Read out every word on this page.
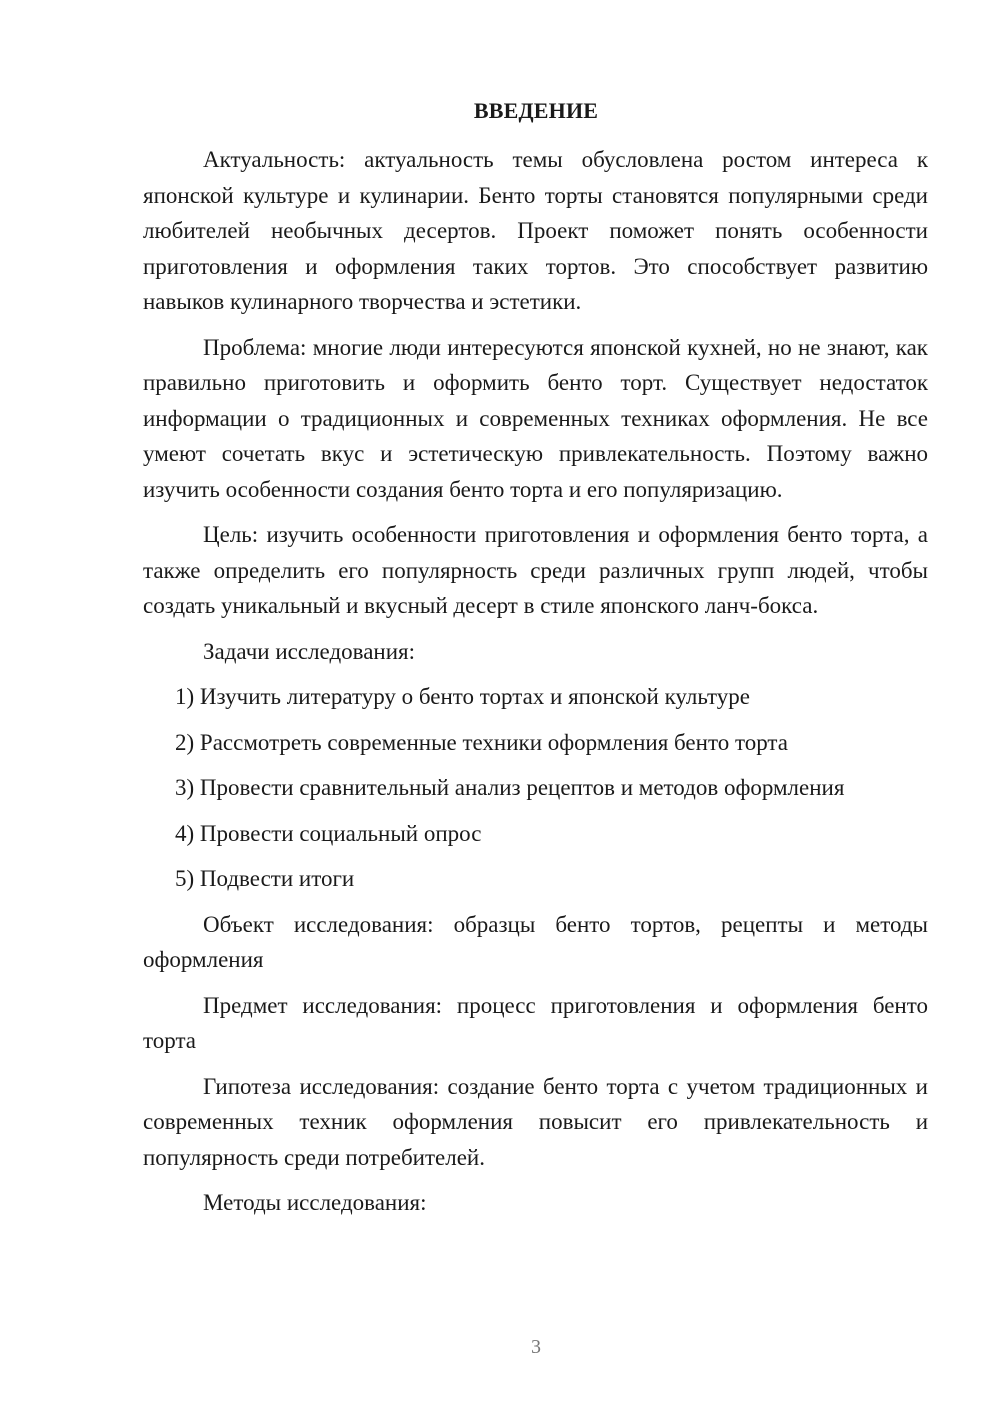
ВВЕДЕНИЕ

Актуальность: актуальность темы обусловлена ростом интереса к японской культуре и кулинарии. Бенто торты становятся популярными среди любителей необычных десертов. Проект поможет понять особенности приготовления и оформления таких тортов. Это способствует развитию навыков кулинарного творчества и эстетики.

Проблема: многие люди интересуются японской кухней, но не знают, как правильно приготовить и оформить бенто торт. Существует недостаток информации о традиционных и современных техниках оформления. Не все умеют сочетать вкус и эстетическую привлекательность. Поэтому важно изучить особенности создания бенто торта и его популяризацию.

Цель: изучить особенности приготовления и оформления бенто торта, а также определить его популярность среди различных групп людей, чтобы создать уникальный и вкусный десерт в стиле японского ланч-бокса.

Задачи исследования:

1) Изучить литературу о бенто тортах и японской культуре

2) Рассмотреть современные техники оформления бенто торта

3) Провести сравнительный анализ рецептов и методов оформления

4) Провести социальный опрос

5) Подвести итоги

Объект исследования: образцы бенто тортов, рецепты и методы оформления

Предмет исследования: процесс приготовления и оформления бенто торта

Гипотеза исследования: создание бенто торта с учетом традиционных и современных техник оформления повысит его привлекательность и популярность среди потребителей.

Методы исследования:

3
